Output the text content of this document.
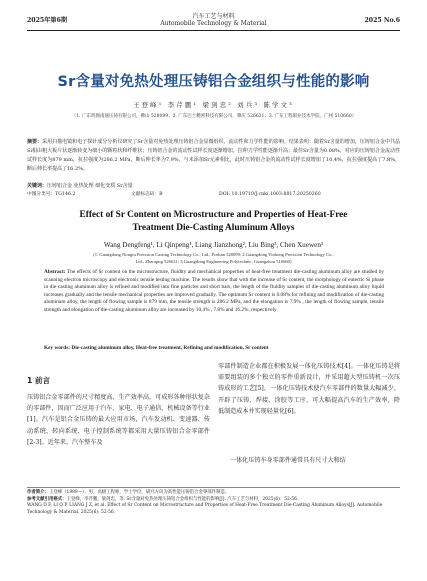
2025年第6期
汽车工艺与材料
Automobile Technology & Material	2025 No.6
Sr含量对免热处理压铸铝合金组织与性能的影响
王登峰¹ 李芹鹏¹ 梁剑忠² 刘兵³ 陈学文³
（1. 广东鸿图南通压铸有限公司，佛山 528099；2. 广东巴士精密科技有限公司，肇庆 526631；3. 广东工程职业技术学院，广州 510660）
摘要：采用扫描电镜和电子探针成分分析仪研究了Sr含量对免热处理压铸铝合金显微组织、流动性和力学性能的影响。结果表明：随着Sr含量的增加，压铸铝合金中共晶Si相由粗大板片状逐渐转变为细小的颗粒状和纤维状；压铸铝合金的流动性试样长度逐渐增加，拉伸力学性能逐渐升高；最佳Sr含量为0.08%，对应的压铸铝合金流动性试样长度为879 mm，抗拉强度为286.2 MPa，断后伸长率为7.9%，与未添加Sr元素相比，此时压铸铝合金的流动性试样长度增加了10.4%，抗拉强度提高了7.8%，断后伸长率提高了16.2%。
关键词：压铸铝合金 免热处理 细化变质 Sr含量
中图分类号：TG146.2	文献标志码：B	DOI: 10.19710/J.cnki.1003-8817.20250260
Effect of Sr Content on Microstructure and Properties of Heat-Free
Treatment Die-Casting Aluminum Alloys
Wang Dengfeng¹, Li Qinpeng¹, Liang Jianzhong², Liu Bing³, Chen Xuewen³
(1. Guangdong Nongtu Precision Casting Technology Co., Ltd., Foshan 528099; 2.Guangdong Yinhong Precision Technology Co.,
Ltd., Zhaoqing 526631; 3.Guangdong Engineering Polytechnic, Guangzhou 510660)
Abstract: The effects of Sr content on the microstructure, fluidity and mechanical properties of heat-free treatment die-casting aluminum alloy are studied by scanning electron microscopy and electronic tensile testing machine. The results show that with the increase of Sr content, the morphology of eutectic Si phase in die-casting aluminum alloy is refined and modified into fine particles and short bars, the length of the fluidity samples of die-casting aluminum alloy liquid increases gradually and the tensile mechanical properties are improved gradually. The optimum Sr content is 0.08% for refining and modification of die-casting aluminum alloy, the length of flowing sample is 879 mm, the tensile strength is 286.2 MPa, and the elongation is 7.9% , the length of flowing sample, tensile strength and elongation of die-casting aluminum alloy are increased by 10.4% , 7.8% and 16.2%, respectively.
Key words: Die-casting aluminum alloy, Heat-free treatment, Refining and modification, Sr content
1 前言
压铸铝合金零部件的尺寸精度高、生产效率高，可成形各种形状复杂的零部件，因而广泛应用于汽车、家电、电子通信、机械设备等行业[1]。汽车是铝合金压铸的最大应用市场，汽车发动机、变速器、传动系统、转向系统、电子控制系统等都采用大量压铸铝合金零部件[2-3]。近年来，汽车整车及
零部件制造企业都在积极发展一体化压铸技术[4]。一体化压铸是将需要组装的多个独立的零件重新设计，并采用超大型压铸机一次压铸成形的工艺[5]。一体化压铸技术使汽车零部件的数量大幅减少，开辟了压铸、焊接、涂胶等工序，可大幅提高汽车的生产效率，降低制造成本并实现轻量化[6]。
一体化压铸车身零部件通常具有尺寸大和结
作者简介：王登峰（1989—），男，高级工程师，学士学位，研究方向为高性能压铸铝合金零部件制造。
参考文献引用格式：王登峰，李芹鹏，梁剑忠，等. Sr含量对免热处理压铸铝合金组织与性能的影响[J]. 汽车工艺与材料，2025(6)：52-56.
WANG D F, LI Q P, LIANG J Z, et al. Effect of Sr Content on Microstructure and Properties of Heat-Free Treatment Die-Casting Aluminum Alloys[J]. Automobile Technology & Material, 2025(6): 52-56.
